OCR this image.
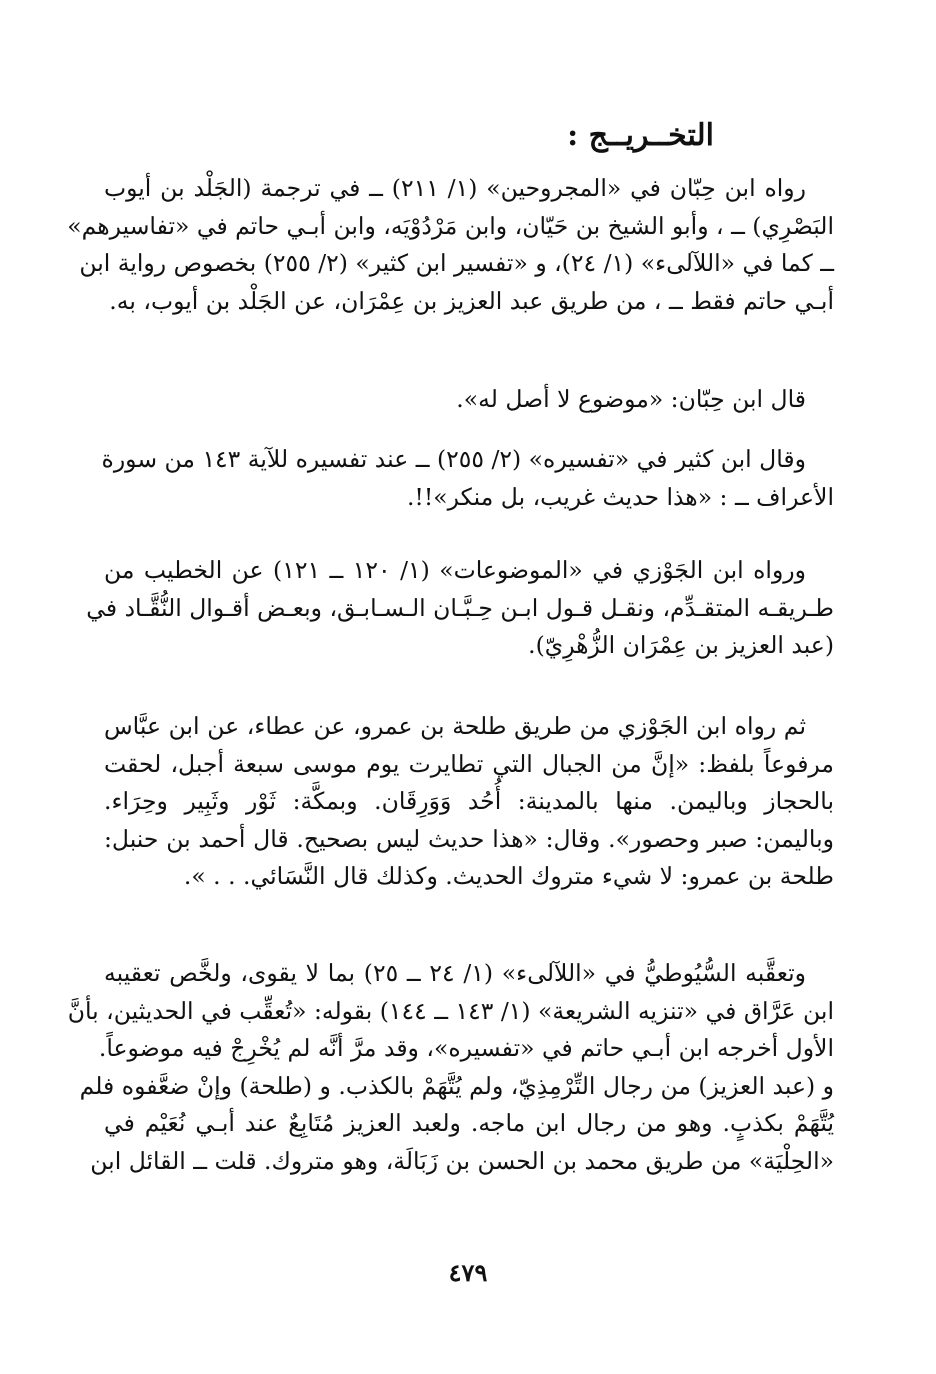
التخــريــج :
رواه ابن حِبّان في «المجروحين» (١/ ٢١١) ــ في ترجمة (الجَلْد بن أيوب
البَصْرِي) ــ ، وأبو الشيخ بن حَيّان، وابن مَرْدُوْيَه، وابن أبـي حاتم في «تفاسيرهم»
ــ كما في «اللآلىء» (١/ ٢٤)، و «تفسير ابن كثير» (٢/ ٢٥٥) بخصوص رواية ابن
أبـي حاتم فقط ــ ، من طريق عبد العزيز بن عِمْرَان، عن الجَلْد بن أيوب، به.
قال ابن حِبّان: «موضوع لا أصل له».
وقال ابن كثير في «تفسيره» (٢/ ٢٥٥) ــ عند تفسيره للآية ١٤٣ من سورة
الأعراف ــ : «هذا حديث غريب، بل منكر»!!.
ورواه ابن الجَوْزي في «الموضوعات» (١/ ١٢٠ ــ ١٢١) عن الخطيب من
طـريقـه المتقـدِّم، ونقـل قـول ابـن حِـبَّـان الـسـابـق، وبعـض أقـوال النُّقَّـاد في
(عبد العزيز بن عِمْرَان الزُّهْرِيّ).
ثم رواه ابن الجَوْزي من طريق طلحة بن عمرو، عن عطاء، عن ابن عبَّاس
مرفوعاً بلفظ: «إنَّ من الجبال التي تطايرت يوم موسى سبعة أجبل، لحقت
بالحجاز وباليمن. منها بالمدينة: أُحُد وَوَرِقَان. وبمكَّة: ثَوْر وثَبِير وحِرَاء.
وباليمن: صبر وحصور». وقال: «هذا حديث ليس بصحيح. قال أحمد بن حنبل:
طلحة بن عمرو: لا شيء متروك الحديث. وكذلك قال النَّسَائي. . . ».
وتعقَّبه السُّيُوطيُّ في «اللآلىء» (١/ ٢٤ ــ ٢٥) بما لا يقوى، ولخَّص تعقيبه
ابن عَرَّاق في «تنزيه الشريعة» (١/ ١٤٣ ــ ١٤٤) بقوله: «تُعقِّب في الحديثين، بأنَّ
الأول أخرجه ابن أبـي حاتم في «تفسيره»، وقد مرَّ أنَّه لم يُخْرِجْ فيه موضوعاً.
و (عبد العزيز) من رجال التِّرْمِذِيّ، ولم يُتَّهَمْ بالكذب. و (طلحة) وإنْ ضعَّفوه فلم
يُتَّهَمْ بكذبٍ. وهو من رجال ابن ماجه. ولعبد العزيز مُتَابِعٌ عند أبـي نُعَيْم في
«الحِلْيَة» من طريق محمد بن الحسن بن زَبَالَة، وهو متروك. قلت ــ القائل ابن
٤٧٩
